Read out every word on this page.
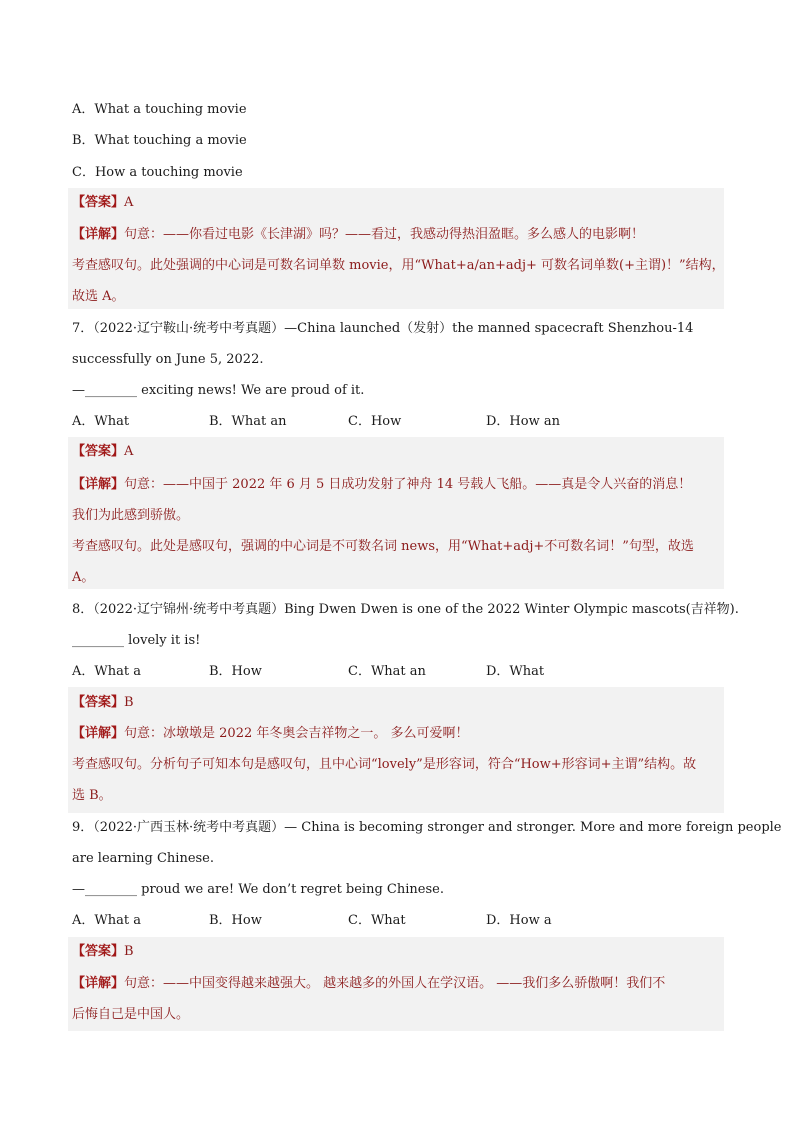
A．What a touching movie
B．What touching a movie
C．How a touching movie
【答案】A
【详解】句意：——你看过电影《长津湖》吗？——看过，我感动得热泪盈眶。多么感人的电影啊！
考查感叹句。此处强调的中心词是可数名词单数 movie，用“What+a/an+adj+ 可数名词单数(+主谓)！”结构，
故选 A。
7．（2022·辽宁鞍山·统考中考真题）—China launched（发射）the manned spacecraft Shenzhou-14
successfully on June 5, 2022.
—________ exciting news! We are proud of it.
A．What	B．What an	C．How	D．How an
【答案】A
【详解】句意：——中国于 2022 年 6 月 5 日成功发射了神舟 14 号载人飞船。——真是令人兴奋的消息！
我们为此感到骄傲。
考查感叹句。此处是感叹句，强调的中心词是不可数名词 news，用“What+adj+不可数名词！”句型，故选
A。
8．（2022·辽宁锦州·统考中考真题）Bing Dwen Dwen is one of the 2022 Winter Olympic mascots(吉祥物).
________ lovely it is!
A．What a	B．How	C．What an	D．What
【答案】B
【详解】句意：冰墩墩是 2022 年冬奥会吉祥物之一。 多么可爱啊！
考查感叹句。分析句子可知本句是感叹句，且中心词“lovely”是形容词，符合“How+形容词+主谓”结构。故
选 B。
9．（2022·广西玉林·统考中考真题）— China is becoming stronger and stronger. More and more foreign people
are learning Chinese.
—________ proud we are! We don’t regret being Chinese.
A．What a	B．How	C．What	D．How a
【答案】B
【详解】句意：——中国变得越来越强大。 越来越多的外国人在学汉语。 ——我们多么骄傲啊！我们不
后悔自己是中国人。
